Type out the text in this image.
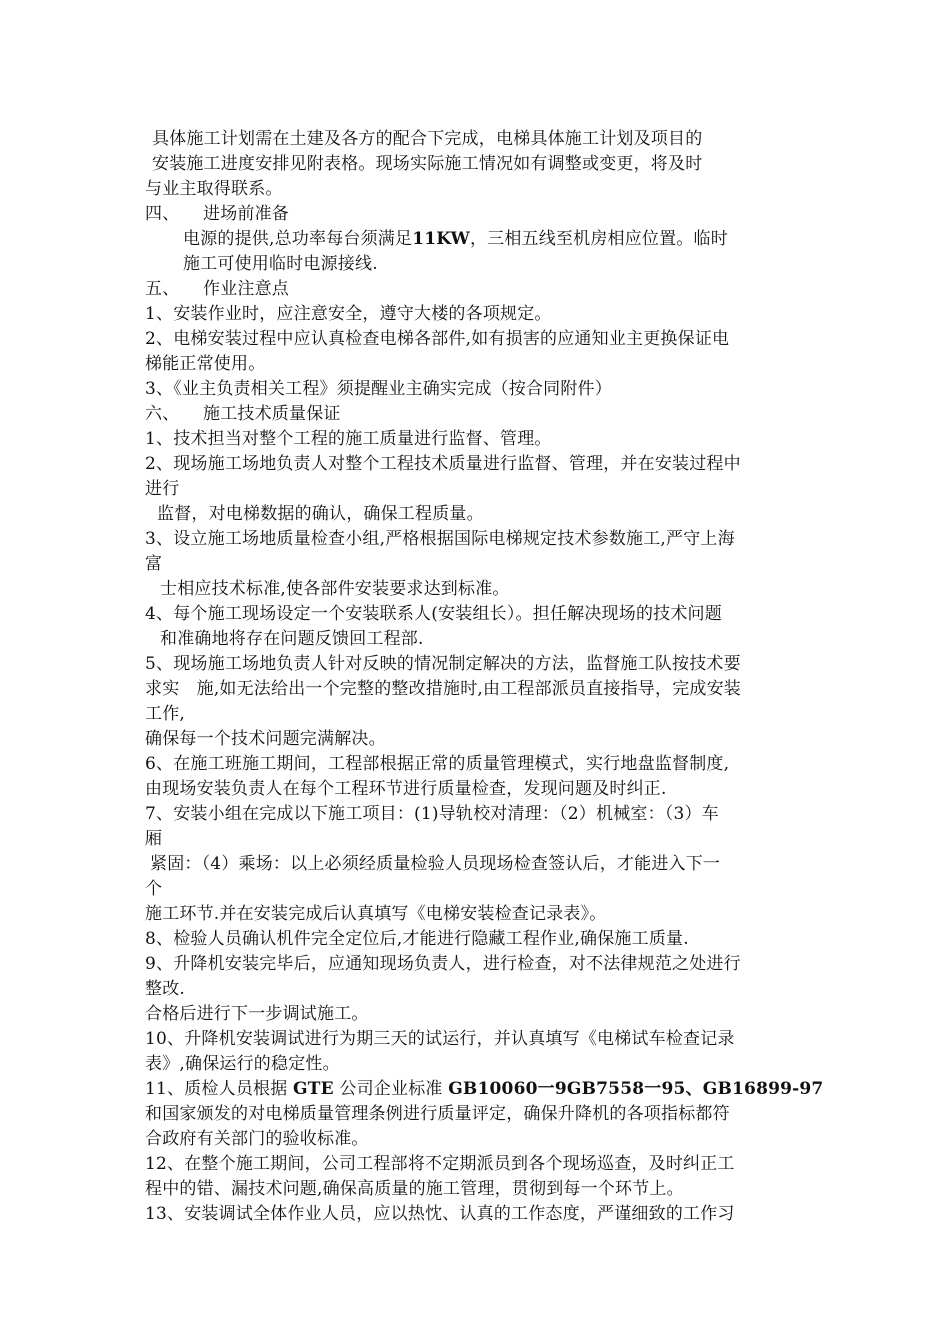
具体施工计划需在土建及各方的配合下完成，电梯具体施工计划及项目的
安装施工进度安排见附表格。现场实际施工情况如有调整或变更，将及时
与业主取得联系。
四、 进场前准备
电源的提供,总功率每台须满足11KW，三相五线至机房相应位置。临时
施工可使用临时电源接线.
五、 作业注意点
1、安装作业时，应注意安全，遵守大楼的各项规定。
2、电梯安装过程中应认真检查电梯各部件,如有损害的应通知业主更换保证电
梯能正常使用。
3、《业主负责相关工程》须提醒业主确实完成（按合同附件）
六、 施工技术质量保证
1、技术担当对整个工程的施工质量进行监督、管理。
2、现场施工场地负责人对整个工程技术质量进行监督、管理，并在安装过程中
进行
监督，对电梯数据的确认，确保工程质量。
3、设立施工场地质量检查小组,严格根据国际电梯规定技术参数施工,严守上海
富
士相应技术标准,使各部件安装要求达到标准。
4、每个施工现场设定一个安装联系人(安装组长）。担任解决现场的技术问题
和准确地将存在问题反馈回工程部.
5、现场施工场地负责人针对反映的情况制定解决的方法，监督施工队按技术要
求实　施,如无法给出一个完整的整改措施时,由工程部派员直接指导，完成安装
工作,
确保每一个技术问题完满解决。
6、在施工班施工期间，工程部根据正常的质量管理模式，实行地盘监督制度,
由现场安装负责人在每个工程环节进行质量检查，发现问题及时纠正.
7、安装小组在完成以下施工项目：(1)导轨校对清理：（2）机械室：（3）车
厢
紧固：（4）乘场：以上必须经质量检验人员现场检查签认后，才能进入下一
个
施工环节.并在安装完成后认真填写《电梯安装检查记录表》。
8、检验人员确认机件完全定位后,才能进行隐藏工程作业,确保施工质量.
9、升降机安装完毕后，应通知现场负责人，进行检查，对不法律规范之处进行
整改.
合格后进行下一步调试施工。
10、升降机安装调试进行为期三天的试运行，并认真填写《电梯试车检查记录
表》,确保运行的稳定性。
11、质检人员根据 GTE 公司企业标准 GB10060一9GB7558一95、GB16899-97
和国家颁发的对电梯质量管理条例进行质量评定，确保升降机的各项指标都符
合政府有关部门的验收标准。
12、在整个施工期间，公司工程部将不定期派员到各个现场巡查，及时纠正工
程中的错、漏技术问题,确保高质量的施工管理，贯彻到每一个环节上。
13、安装调试全体作业人员，应以热忱、认真的工作态度，严谨细致的工作习
